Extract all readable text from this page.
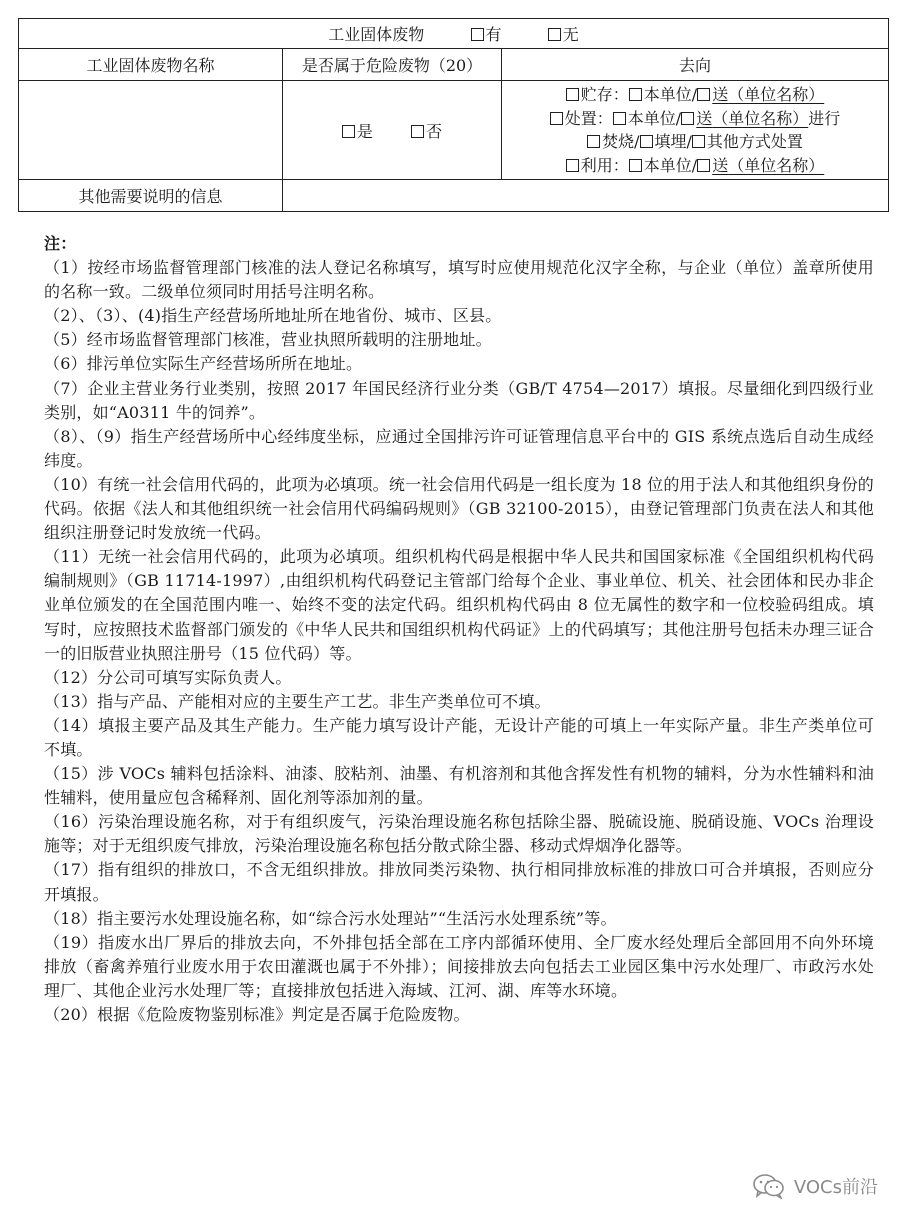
工业固体废物 有 无		
工业固体废物名称	是否属于危险废物（20）	去向
	是 否	贮存： 本单位/ 送（单位名称）
处置： 本单位/ 送（单位名称）进行
焚烧/ 填埋/ 其他方式处置
利用： 本单位/ 送（单位名称）

其他需要说明的信息		

注：

（1）按经市场监督管理部门核准的法人登记名称填写，填写时应使用规范化汉字全称，与企业（单位）盖章所使用的名称一致。二级单位须同时用括号注明名称。

（2）、（3）、(4)指生产经营场所地址所在地省份、城市、区县。

（5）经市场监督管理部门核准，营业执照所载明的注册地址。

（6）排污单位实际生产经营场所所在地址。

（7）企业主营业务行业类别，按照 2017 年国民经济行业分类（GB/T 4754—2017）填报。尽量细化到四级行业类别，如“A0311 牛的饲养”。

（8）、（9）指生产经营场所中心经纬度坐标，应通过全国排污许可证管理信息平台中的 GIS 系统点选后自动生成经纬度。

（10）有统一社会信用代码的，此项为必填项。统一社会信用代码是一组长度为 18 位的用于法人和其他组织身份的代码。依据《法人和其他组织统一社会信用代码编码规则》（GB 32100-2015），由登记管理部门负责在法人和其他组织注册登记时发放统一代码。

（11）无统一社会信用代码的，此项为必填项。组织机构代码是根据中华人民共和国国家标准《全国组织机构代码编制规则》（GB 11714-1997）,由组织机构代码登记主管部门给每个企业、事业单位、机关、社会团体和民办非企业单位颁发的在全国范围内唯一、始终不变的法定代码。组织机构代码由 8 位无属性的数字和一位校验码组成。填写时，应按照技术监督部门颁发的《中华人民共和国组织机构代码证》上的代码填写；其他注册号包括未办理三证合一的旧版营业执照注册号（15 位代码）等。

（12）分公司可填写实际负责人。

（13）指与产品、产能相对应的主要生产工艺。非生产类单位可不填。

（14）填报主要产品及其生产能力。生产能力填写设计产能，无设计产能的可填上一年实际产量。非生产类单位可不填。

（15）涉 VOCs 辅料包括涂料、油漆、胶粘剂、油墨、有机溶剂和其他含挥发性有机物的辅料，分为水性辅料和油性辅料，使用量应包含稀释剂、固化剂等添加剂的量。

（16）污染治理设施名称，对于有组织废气，污染治理设施名称包括除尘器、脱硫设施、脱硝设施、VOCs 治理设施等；对于无组织废气排放，污染治理设施名称包括分散式除尘器、移动式焊烟净化器等。

（17）指有组织的排放口，不含无组织排放。排放同类污染物、执行相同排放标准的排放口可合并填报，否则应分开填报。

（18）指主要污水处理设施名称，如“综合污水处理站”“生活污水处理系统”等。

（19）指废水出厂界后的排放去向，不外排包括全部在工序内部循环使用、全厂废水经处理后全部回用不向外环境排放（畜禽养殖行业废水用于农田灌溉也属于不外排）；间接排放去向包括去工业园区集中污水处理厂、市政污水处理厂、其他企业污水处理厂等；直接排放包括进入海域、江河、湖、库等水环境。

（20）根据《危险废物鉴别标准》判定是否属于危险废物。

VOCs前沿
